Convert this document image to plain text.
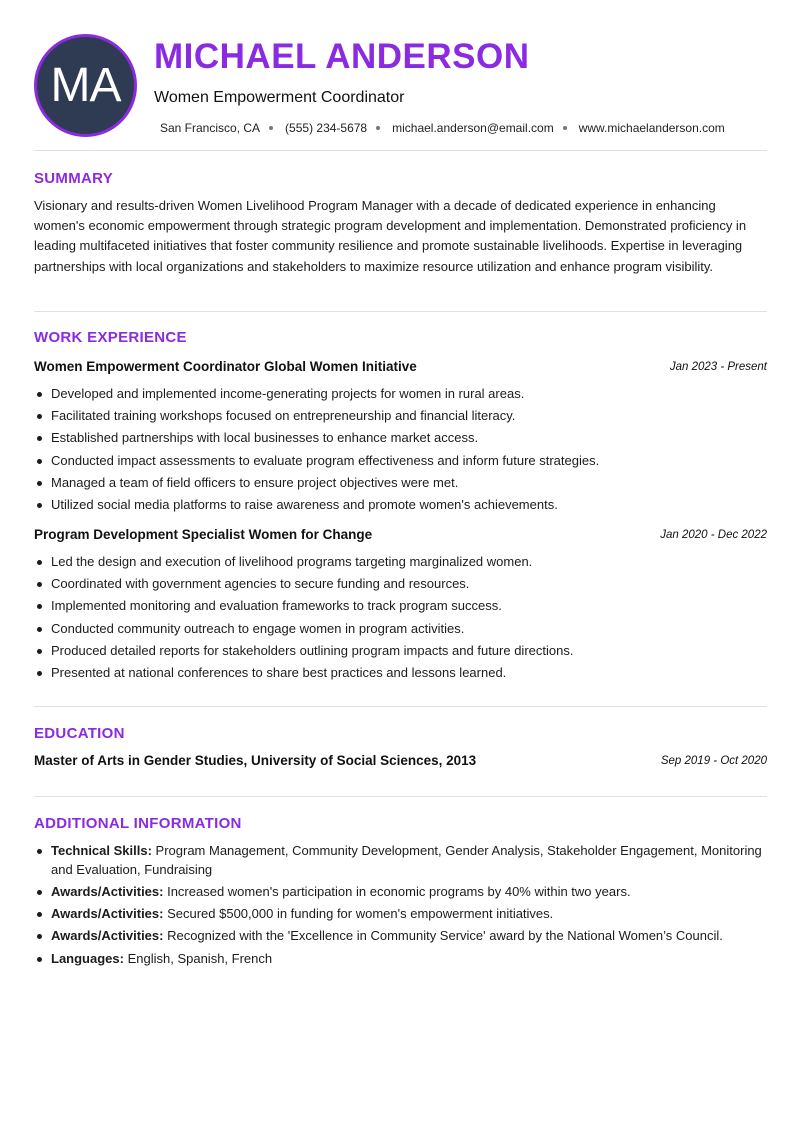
MA
MICHAEL ANDERSON
Women Empowerment Coordinator
San Francisco, CA (555) 234-5678 michael.anderson@email.com www.michaelanderson.com
SUMMARY

Visionary and results-driven Women Livelihood Program Manager with a decade of dedicated experience in enhancing women's economic empowerment through strategic program development and implementation. Demonstrated proficiency in leading multifaceted initiatives that foster community resilience and promote sustainable livelihoods. Expertise in leveraging partnerships with local organizations and stakeholders to maximize resource utilization and enhance program visibility.

WORK EXPERIENCE
Women Empowerment Coordinator Global Women Initiative	Jan 2023 - Present
Developed and implemented income-generating projects for women in rural areas.
Facilitated training workshops focused on entrepreneurship and financial literacy.
Established partnerships with local businesses to enhance market access.
Conducted impact assessments to evaluate program effectiveness and inform future strategies.
Managed a team of field officers to ensure project objectives were met.
Utilized social media platforms to raise awareness and promote women's achievements.
Program Development Specialist Women for Change	Jan 2020 - Dec 2022
Led the design and execution of livelihood programs targeting marginalized women.
Coordinated with government agencies to secure funding and resources.
Implemented monitoring and evaluation frameworks to track program success.
Conducted community outreach to engage women in program activities.
Produced detailed reports for stakeholders outlining program impacts and future directions.
Presented at national conferences to share best practices and lessons learned.
EDUCATION
Master of Arts in Gender Studies, University of Social Sciences, 2013	Sep 2019 - Oct 2020
ADDITIONAL INFORMATION
Technical Skills: Program Management, Community Development, Gender Analysis, Stakeholder Engagement, Monitoring and Evaluation, Fundraising
Awards/Activities: Increased women's participation in economic programs by 40% within two years.
Awards/Activities: Secured $500,000 in funding for women's empowerment initiatives.
Awards/Activities: Recognized with the 'Excellence in Community Service' award by the National Women’s Council.
Languages: English, Spanish, French
